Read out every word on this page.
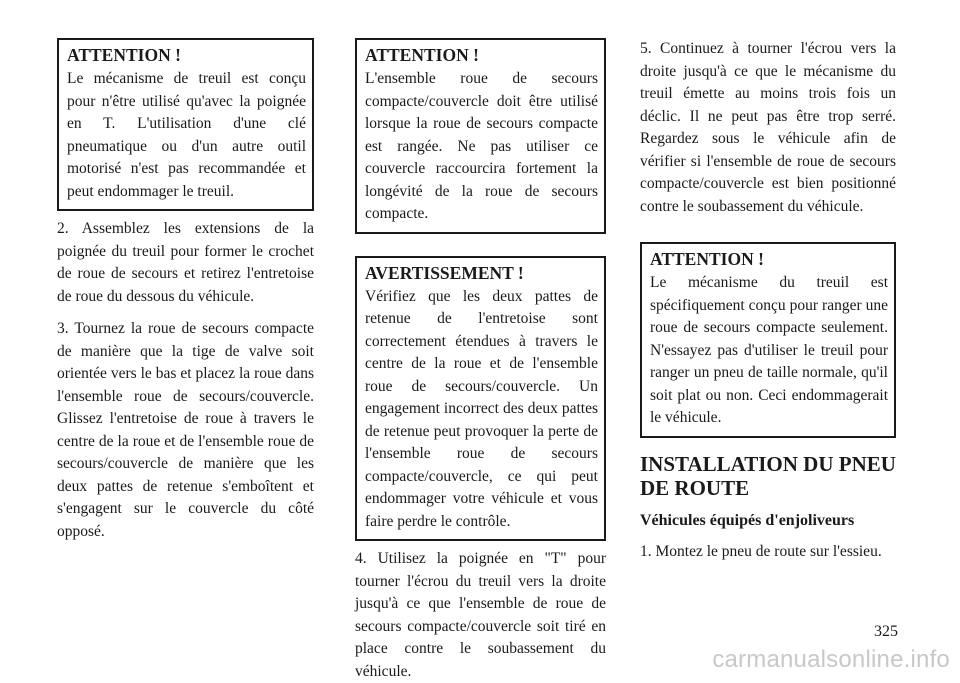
ATTENTION !
Le mécanisme de treuil est conçu pour n'être utilisé qu'avec la poignée en T. L'utilisation d'une clé pneumatique ou d'un autre outil motorisé n'est pas recommandée et peut endommager le treuil.

2. Assemblez les extensions de la poignée du treuil pour former le crochet de roue de secours et retirez l'entretoise de roue du dessous du véhicule.

3. Tournez la roue de secours compacte de manière que la tige de valve soit orientée vers le bas et placez la roue dans l'ensemble roue de secours/couvercle. Glissez l'entretoise de roue à travers le centre de la roue et de l'ensemble roue de secours/couvercle de manière que les deux pattes de retenue s'emboîtent et s'engagent sur le couvercle du côté opposé.

ATTENTION !
L'ensemble roue de secours compacte/couvercle doit être utilisé lorsque la roue de secours compacte est rangée. Ne pas utiliser ce couvercle raccourcira fortement la longévité de la roue de secours compacte.
AVERTISSEMENT !
Vérifiez que les deux pattes de retenue de l'entretoise sont correctement étendues à travers le centre de la roue et de l'ensemble roue de secours/couvercle. Un engagement incorrect des deux pattes de retenue peut provoquer la perte de l'ensemble roue de secours compacte/couvercle, ce qui peut endommager votre véhicule et vous faire perdre le contrôle.

4. Utilisez la poignée en "T" pour tourner l'écrou du treuil vers la droite jusqu'à ce que l'ensemble de roue de secours compacte/couvercle soit tiré en place contre le soubassement du véhicule.

5. Continuez à tourner l'écrou vers la droite jusqu'à ce que le mécanisme du treuil émette au moins trois fois un déclic. Il ne peut pas être trop serré. Regardez sous le véhicule afin de vérifier si l'ensemble de roue de secours compacte/couvercle est bien positionné contre le soubassement du véhicule.

ATTENTION !
Le mécanisme du treuil est spécifiquement conçu pour ranger une roue de secours compacte seulement. N'essayez pas d'utiliser le treuil pour ranger un pneu de taille normale, qu'il soit plat ou non. Ceci endommagerait le véhicule.
INSTALLATION DU PNEU DE ROUTE
Véhicules équipés d'enjoliveurs

1. Montez le pneu de route sur l'essieu.

325
carmanualsonline.info
